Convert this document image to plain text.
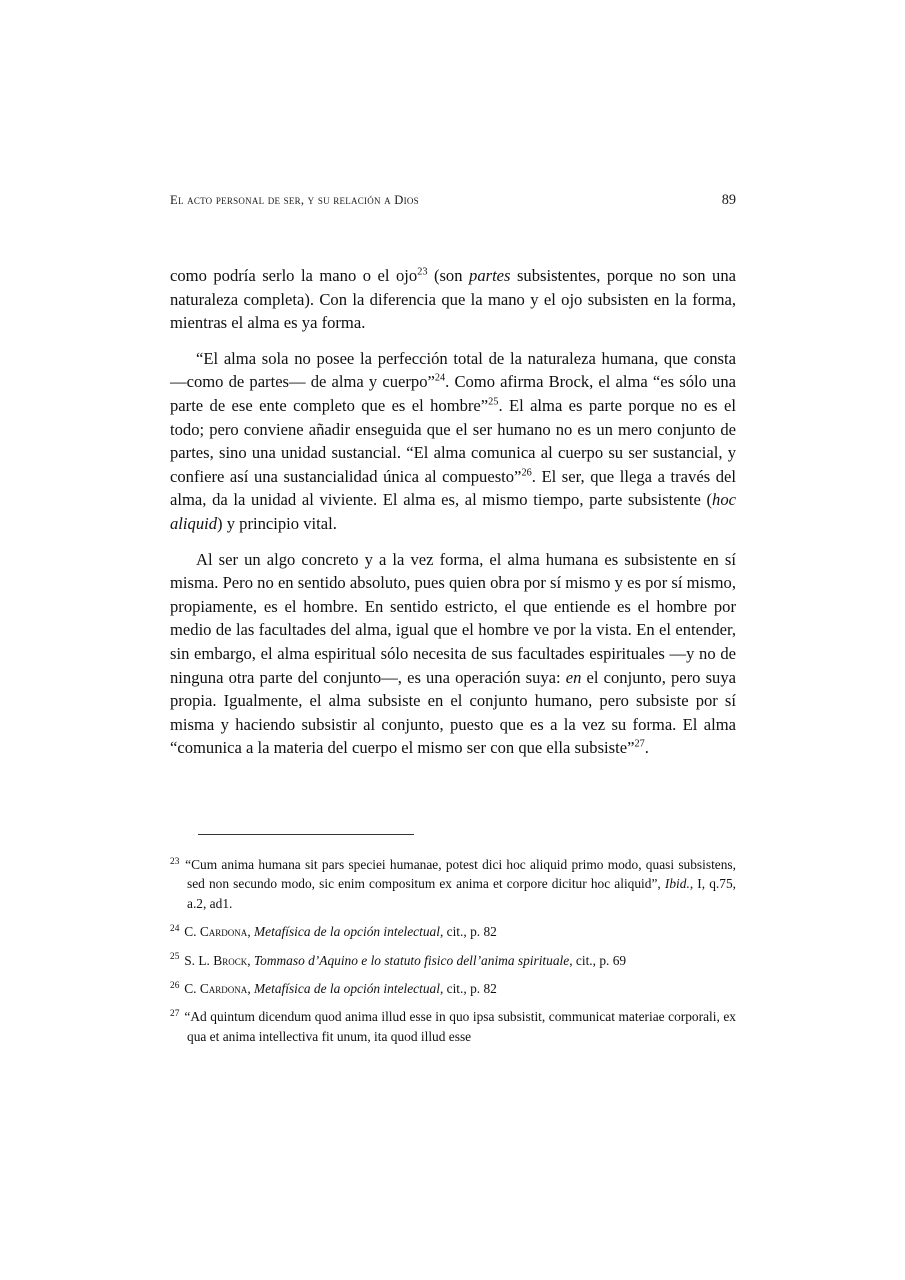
El acto personal de ser, y su relación a Dios	89

como podría serlo la mano o el ojo$^{23}$ (son partes subsistentes, porque no son una naturaleza completa). Con la diferencia que la mano y el ojo subsisten en la forma, mientras el alma es ya forma.

“El alma sola no posee la perfección total de la naturaleza humana, que consta —como de partes— de alma y cuerpo”$^{24}$. Como afirma Brock, el alma “es sólo una parte de ese ente completo que es el hombre”$^{25}$. El alma es parte porque no es el todo; pero conviene añadir enseguida que el ser humano no es un mero conjunto de partes, sino una unidad sustancial. “El alma comunica al cuerpo su ser sustancial, y confiere así una sustancialidad única al compuesto”$^{26}$. El ser, que llega a través del alma, da la unidad al viviente. El alma es, al mismo tiempo, parte subsistente (hoc aliquid) y principio vital.

Al ser un algo concreto y a la vez forma, el alma humana es subsistente en sí misma. Pero no en sentido absoluto, pues quien obra por sí mismo y es por sí mismo, propiamente, es el hombre. En sentido estricto, el que entiende es el hombre por medio de las facultades del alma, igual que el hombre ve por la vista. En el entender, sin embargo, el alma espiritual sólo necesita de sus facultades espirituales —y no de ninguna otra parte del conjunto—, es una operación suya: en el conjunto, pero suya propia. Igualmente, el alma subsiste en el conjunto humano, pero subsiste por sí misma y haciendo subsistir al conjunto, puesto que es a la vez su forma. El alma “comunica a la materia del cuerpo el mismo ser con que ella subsiste”$^{27}$.

$^{23}$ “Cum anima humana sit pars speciei humanae, potest dici hoc aliquid primo modo, quasi subsistens, sed non secundo modo, sic enim compositum ex anima et corpore dicitur hoc aliquid”, Ibid., I, q.75, a.2, ad1.
$^{24}$ C. Cardona, Metafísica de la opción intelectual, cit., p. 82
$^{25}$ S. L. Brock, Tommaso d’Aquino e lo statuto fisico dell’anima spirituale, cit., p. 69
$^{26}$ C. Cardona, Metafísica de la opción intelectual, cit., p. 82
$^{27}$ “Ad quintum dicendum quod anima illud esse in quo ipsa subsistit, communicat materiae corporali, ex qua et anima intellectiva fit unum, ita quod illud esse
